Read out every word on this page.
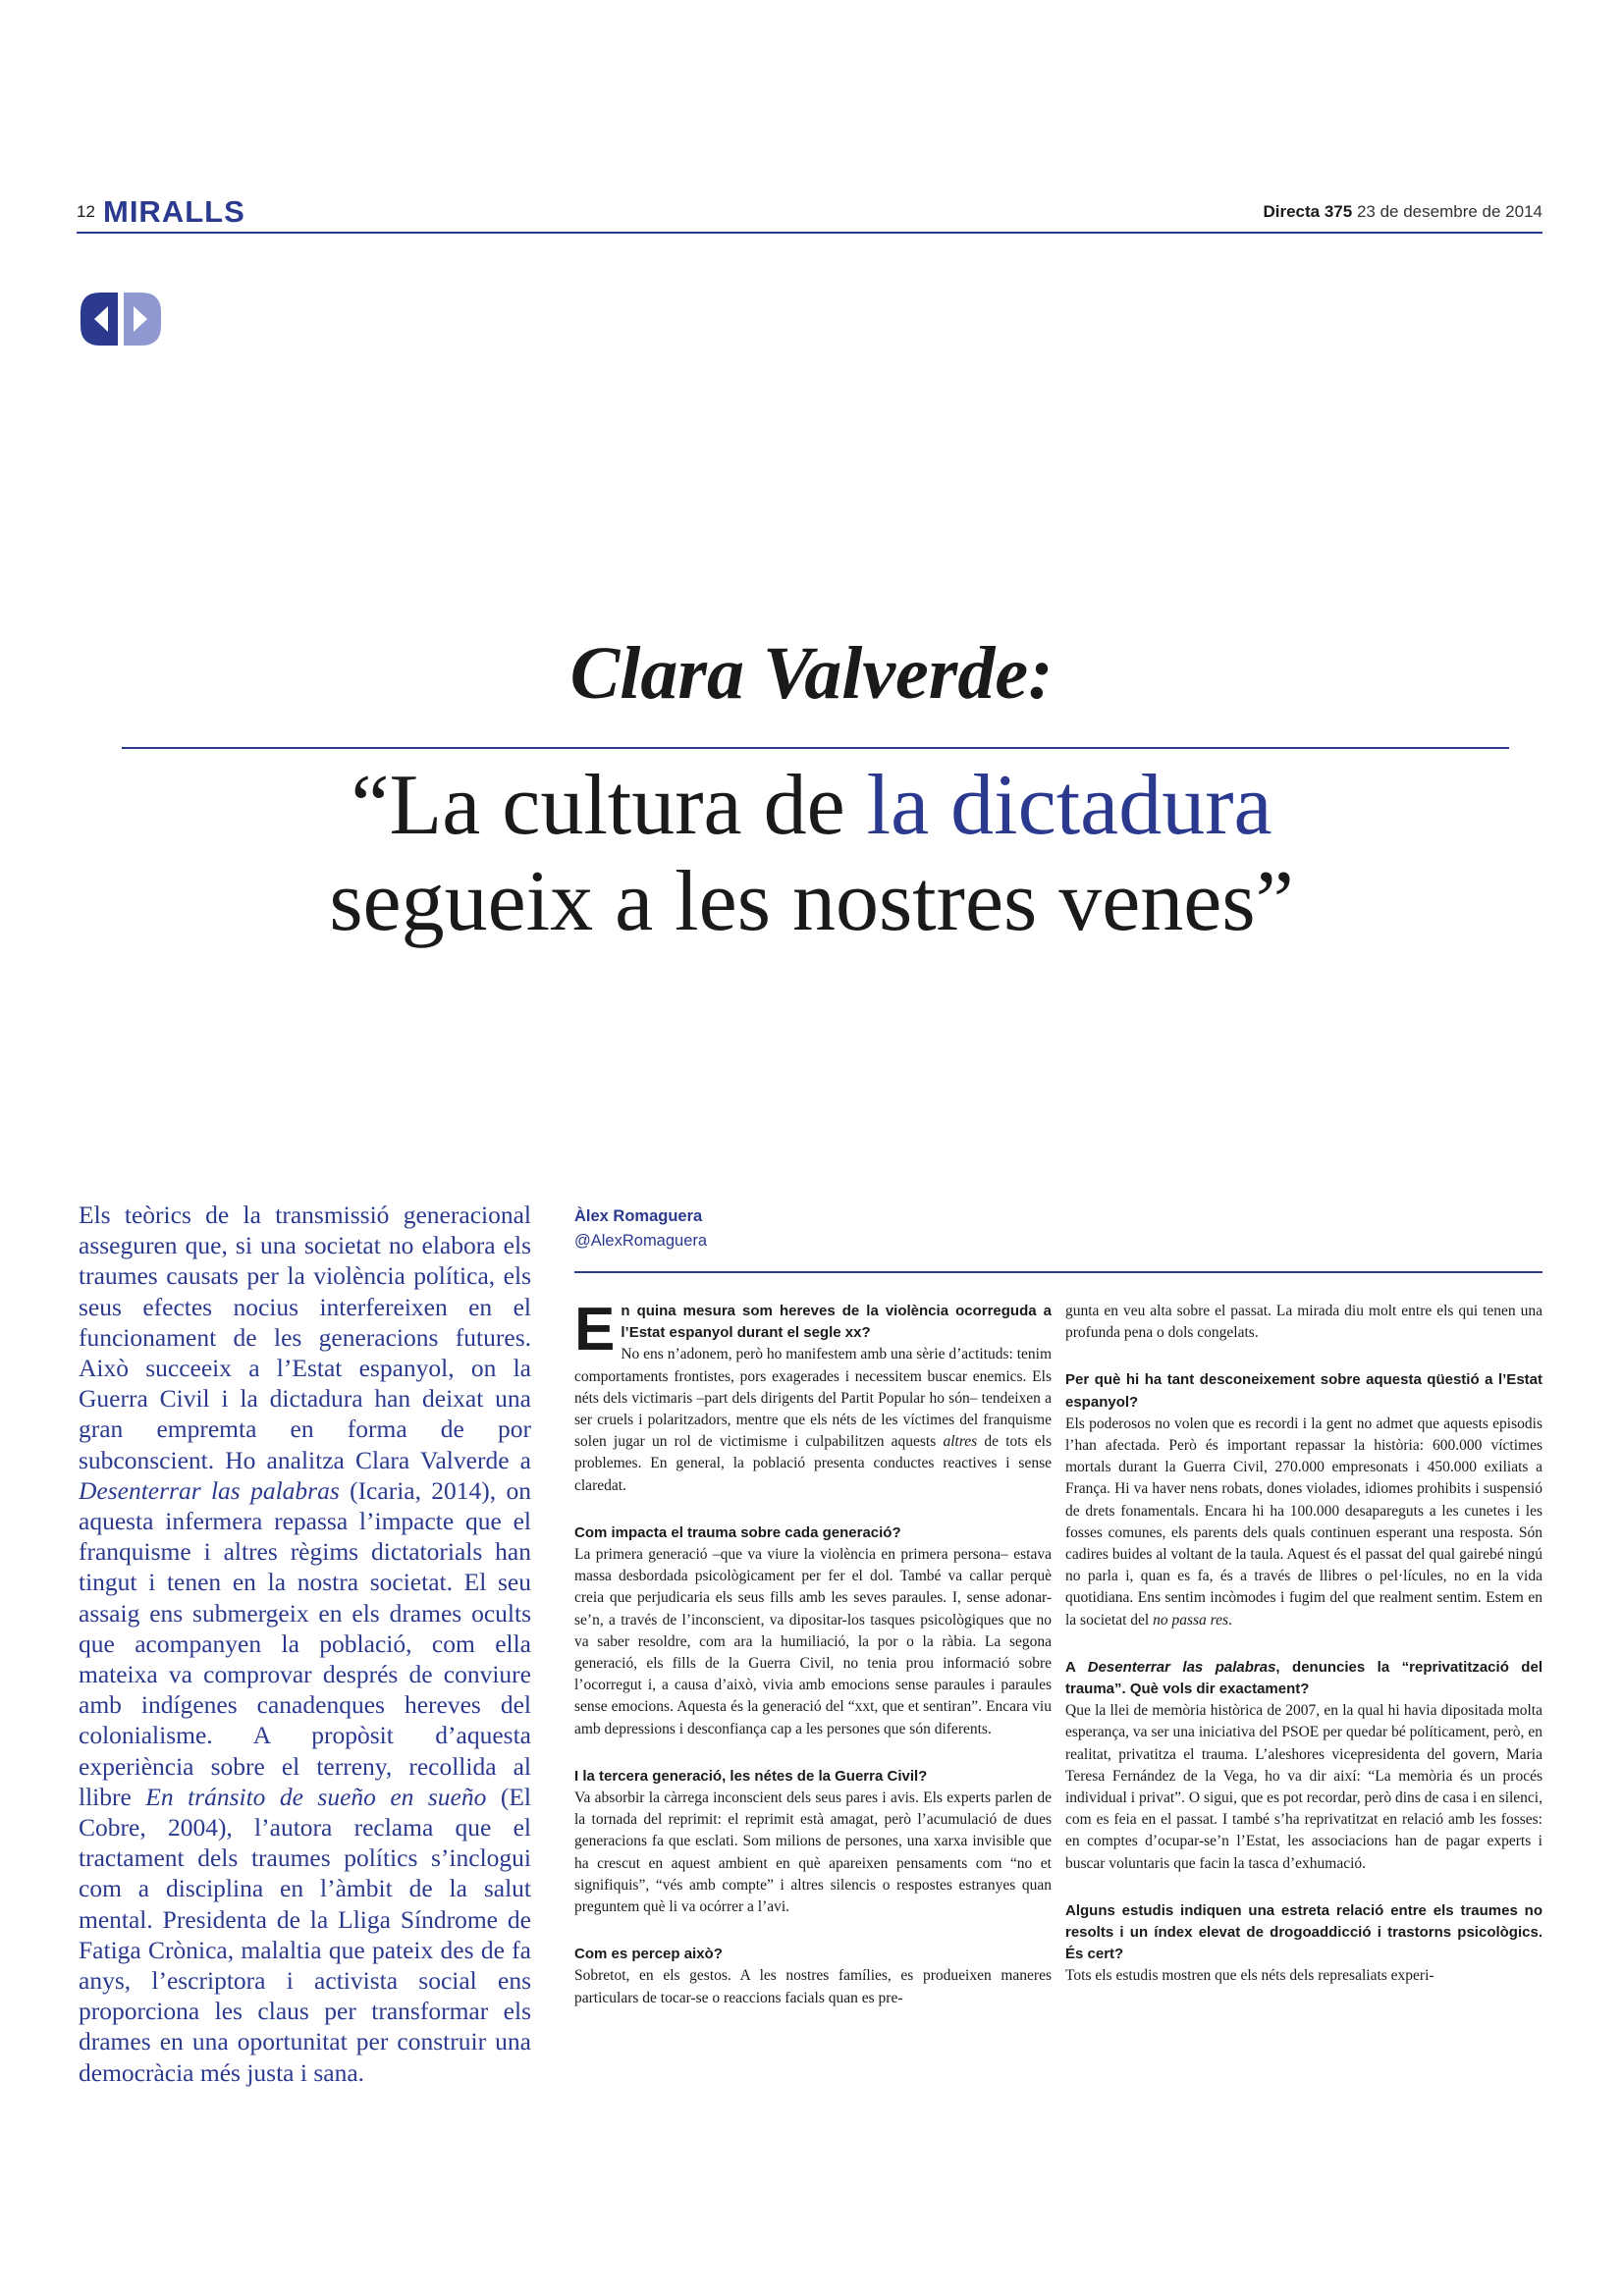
12 MIRALLS	Directa 375 23 de desembre de 2014
Clara Valverde:
“La cultura de la dictadura
segueix a les nostres venes”
Els teòrics de la transmissió generacional asseguren que, si una societat no elabora els traumes causats per la violència política, els seus efectes nocius interfereixen en el funcionament de les generacions futures. Això succeeix a l’Estat espanyol, on la Guerra Civil i la dictadura han deixat una gran empremta en forma de por subconscient. Ho analitza Clara Valverde a Desenterrar las palabras (Icaria, 2014), on aquesta infermera repassa l’impacte que el franquisme i altres règims dictatorials han tingut i tenen en la nostra societat. El seu assaig ens submergeix en els drames ocults que acompanyen la població, com ella mateixa va comprovar després de conviure amb indígenes canadenques hereves del colonialisme. A propòsit d’aquesta experiència sobre el terreny, recollida al llibre En tránsito de sueño en sueño (El Cobre, 2004), l’autora reclama que el tractament dels traumes polítics s’inclogui com a disciplina en l’àmbit de la salut mental. Presidenta de la Lliga Síndrome de Fatiga Crònica, malaltia que pateix des de fa anys, l’escriptora i activista social ens proporciona les claus per transformar els drames en una oportunitat per construir una democràcia més justa i sana.
Àlex Romaguera
@AlexRomaguera
E n quina mesura som hereves de la violència ocorreguda a l’Estat espanyol durant el segle xx?
No ens n’adonem, però ho manifestem amb una sèrie d’actituds: tenim comportaments frontistes, pors exagerades i necessitem buscar enemics. Els néts dels victimaris –part dels dirigents del Partit Popular ho són– tendeixen a ser cruels i polaritzadors, mentre que els néts de les víctimes del franquisme solen jugar un rol de victimisme i culpabilitzen aquests altres de tots els problemes. En general, la població presenta conductes reactives i sense claredat.
Com impacta el trauma sobre cada generació?
La primera generació –que va viure la violència en primera persona– estava massa desbordada psicològicament per fer el dol. També va callar perquè creia que perjudicaria els seus fills amb les seves paraules. I, sense adonar-se’n, a través de l’inconscient, va dipositar-los tasques psicològiques que no va saber resoldre, com ara la humiliació, la por o la ràbia. La segona generació, els fills de la Guerra Civil, no tenia prou informació sobre l’ocorregut i, a causa d’això, vivia amb emocions sense paraules i paraules sense emocions. Aquesta és la generació del “xxt, que et sentiran”. Encara viu amb depressions i desconfiança cap a les persones que són diferents.
I la tercera generació, les nétes de la Guerra Civil?
Va absorbir la càrrega inconscient dels seus pares i avis. Els experts parlen de la tornada del reprimit: el reprimit està amagat, però l’acumulació de dues generacions fa que esclati. Som milions de persones, una xarxa invisible que ha crescut en aquest ambient en què apareixen pensaments com “no et signifiquis”, “vés amb compte” i altres silencis o respostes estranyes quan preguntem què li va ocórrer a l’avi.
Com es percep això?
Sobretot, en els gestos. A les nostres famílies, es produeixen maneres particulars de tocar-se o reaccions facials quan es pre-
gunta en veu alta sobre el passat. La mirada diu molt entre els qui tenen una profunda pena o dols congelats.
Per què hi ha tant desconeixement sobre aquesta qüestió a l’Estat espanyol?
Els poderosos no volen que es recordi i la gent no admet que aquests episodis l’han afectada. Però és important repassar la història: 600.000 víctimes mortals durant la Guerra Civil, 270.000 empresonats i 450.000 exiliats a França. Hi va haver nens robats, dones violades, idiomes prohibits i suspensió de drets fonamentals. Encara hi ha 100.000 desapareguts a les cunetes i les fosses comunes, els parents dels quals continuen esperant una resposta. Són cadires buides al voltant de la taula. Aquest és el passat del qual gairebé ningú no parla i, quan es fa, és a través de llibres o pel·lícules, no en la vida quotidiana. Ens sentim incòmodes i fugim del que realment sentim. Estem en la societat del no passa res.
A Desenterrar las palabras, denuncies la “reprivatització del trauma”. Què vols dir exactament?
Que la llei de memòria històrica de 2007, en la qual hi havia dipositada molta esperança, va ser una iniciativa del PSOE per quedar bé políticament, però, en realitat, privatitza el trauma. L’aleshores vicepresidenta del govern, Maria Teresa Fernández de la Vega, ho va dir així: “La memòria és un procés individual i privat”. O sigui, que es pot recordar, però dins de casa i en silenci, com es feia en el passat. I també s’ha reprivatitzat en relació amb les fosses: en comptes d’ocupar-se’n l’Estat, les associacions han de pagar experts i buscar voluntaris que facin la tasca d’exhumació.
Alguns estudis indiquen una estreta relació entre els traumes no resolts i un índex elevat de drogoaddicció i trastorns psicològics. És cert?
Tots els estudis mostren que els néts dels represaliats experi-
